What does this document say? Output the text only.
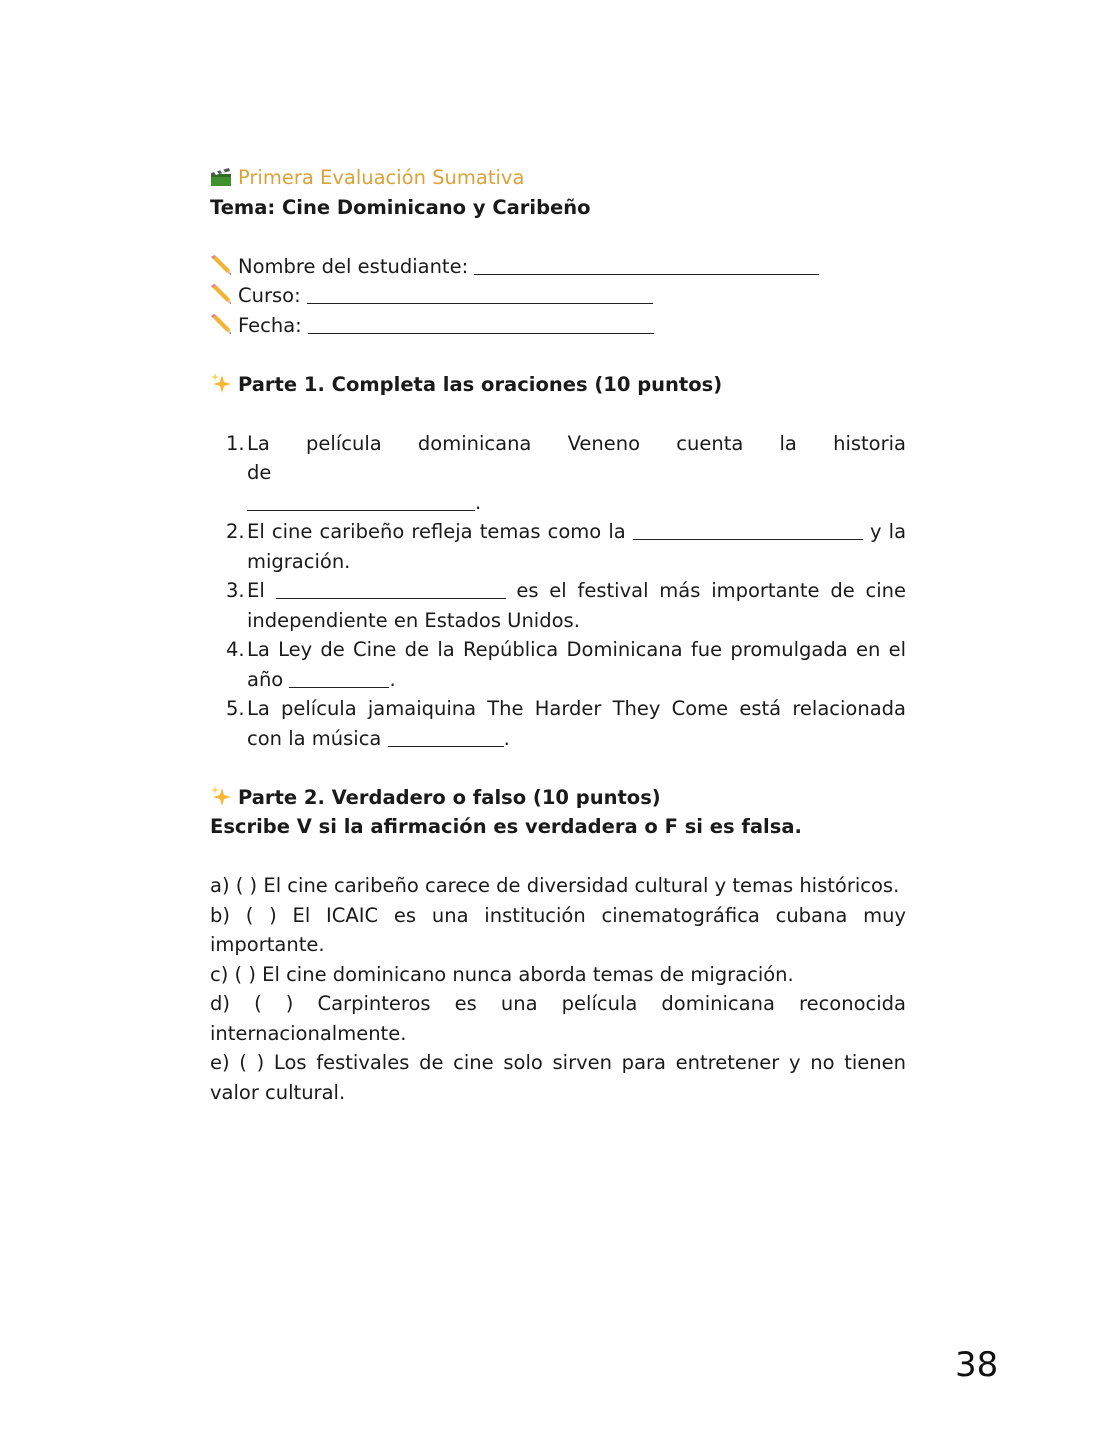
Primera Evaluación Sumativa
Tema: Cine Dominicano y Caribeño
Nombre del estudiante:
Curso:
Fecha:
Parte 1. Completa las oraciones (10 puntos)
1. La película dominicana Veneno cuenta la historia de
.
2. El cine caribeño refleja temas como la	y la migración.
3. El	es el festival más importante de cine independiente en Estados Unidos.
4. La Ley de Cine de la República Dominicana fue promulgada en el año	.
5. La película jamaiquina The Harder They Come está relacionada con la música	.
Parte 2. Verdadero o falso (10 puntos)
Escribe V si la afirmación es verdadera o F si es falsa.
a) ( ) El cine caribeño carece de diversidad cultural y temas históricos.
b) ( ) El ICAIC es una institución cinematográfica cubana muy importante.
c) ( ) El cine dominicano nunca aborda temas de migración.
d) ( ) Carpinteros es una película dominicana reconocida internacionalmente.
e) ( ) Los festivales de cine solo sirven para entretener y no tienen valor cultural.
38
